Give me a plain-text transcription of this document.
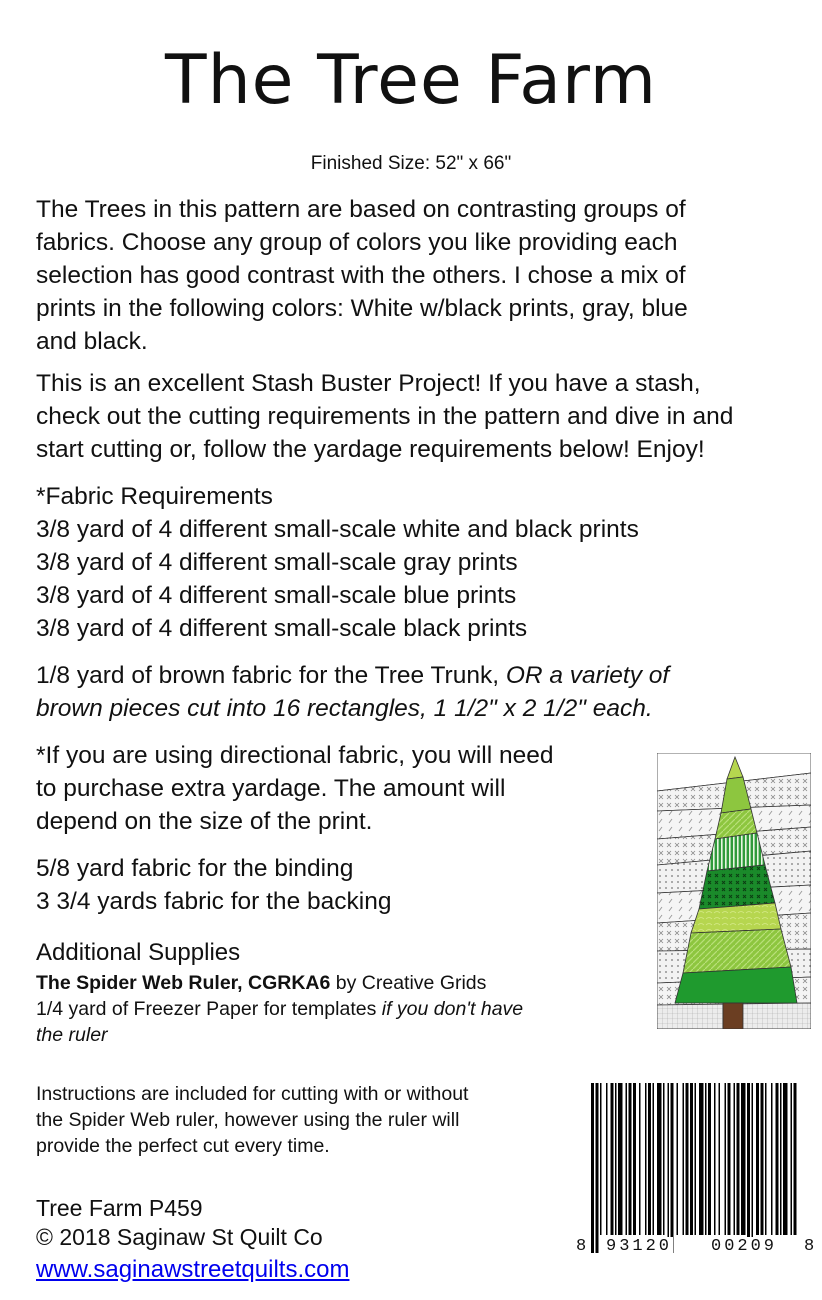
The Tree Farm
Finished Size: 52" x 66"
The Trees in this pattern are based on contrasting groups of
fabrics. Choose any group of colors you like providing each
selection has good contrast with the others. I chose a mix of
prints in the following colors: White w/black prints, gray, blue
and black.
This is an excellent Stash Buster Project! If you have a stash,
check out the cutting requirements in the pattern and dive in and
start cutting or, follow the yardage requirements below! Enjoy!
*Fabric Requirements
3/8 yard of 4 different small-scale white and black prints
3/8 yard of 4 different small-scale gray prints
3/8 yard of 4 different small-scale blue prints
3/8 yard of 4 different small-scale black prints
1/8 yard of brown fabric for the Tree Trunk, OR a variety of
brown pieces cut into 16 rectangles, 1 1/2" x 2 1/2" each.
*If you are using directional fabric, you will need
to purchase extra yardage. The amount will
depend on the size of the print.
5/8 yard fabric for the binding
3 3/4 yards fabric for the backing
Additional Supplies
The Spider Web Ruler, CGRKA6 by Creative Grids
1/4 yard of Freezer Paper for templates if you don't have
the ruler
Instructions are included for cutting with or without
the Spider Web ruler, however using the ruler will
provide the perfect cut every time.
Tree Farm P459
© 2018 Saginaw St Quilt Co
www.saginawstreetquilts.com
8 93120 00209 8
